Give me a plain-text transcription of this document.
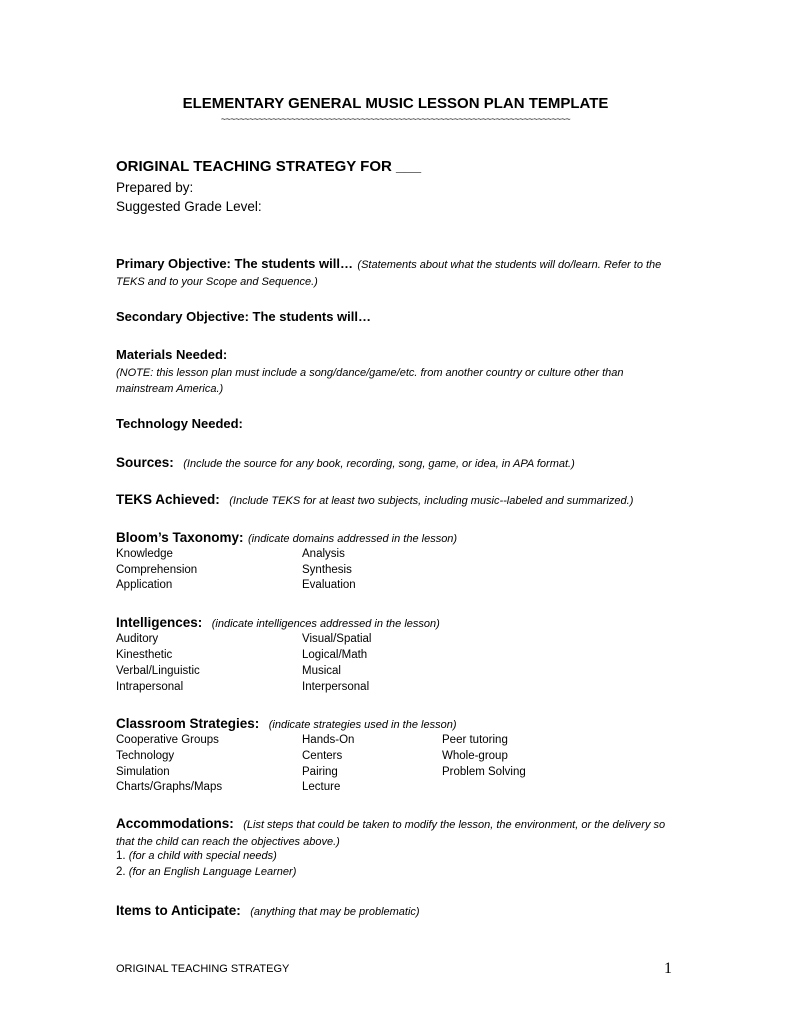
ELEMENTARY GENERAL MUSIC LESSON PLAN TEMPLATE
~~~~~~~~~~~~~~~~~~~~~~~~~~~~~~~~~~~~~~~~~~~~~~~~~~~~~~~~~~~~~~~~~~~~~~~~~~~
ORIGINAL TEACHING STRATEGY FOR ___
Prepared by:
Suggested Grade Level:
Primary Objective: The students will… (Statements about what the students will do/learn. Refer to the TEKS and to your Scope and Sequence.)
Secondary Objective: The students will…
Materials Needed:
(NOTE: this lesson plan must include a song/dance/game/etc. from another country or culture other than mainstream America.)
Technology Needed:
Sources: (Include the source for any book, recording, song, game, or idea, in APA format.)
TEKS Achieved: (Include TEKS for at least two subjects, including music--labeled and summarized.)
Bloom’s Taxonomy: (indicate domains addressed in the lesson)
Knowledge
Comprehension
Application
Analysis
Synthesis
Evaluation
Intelligences: (indicate intelligences addressed in the lesson)
Auditory
Kinesthetic
Verbal/Linguistic
Intrapersonal
Visual/Spatial
Logical/Math
Musical
Interpersonal
Classroom Strategies: (indicate strategies used in the lesson)
Cooperative Groups
Technology
Simulation
Charts/Graphs/Maps
Hands-On
Centers
Pairing
Lecture
Peer tutoring
Whole-group
Problem Solving
Accommodations: (List steps that could be taken to modify the lesson, the environment, or the delivery so that the child can reach the objectives above.)
1. (for a child with special needs)
2. (for an English Language Learner)
Items to Anticipate: (anything that may be problematic)
ORIGINAL TEACHING STRATEGY	1
